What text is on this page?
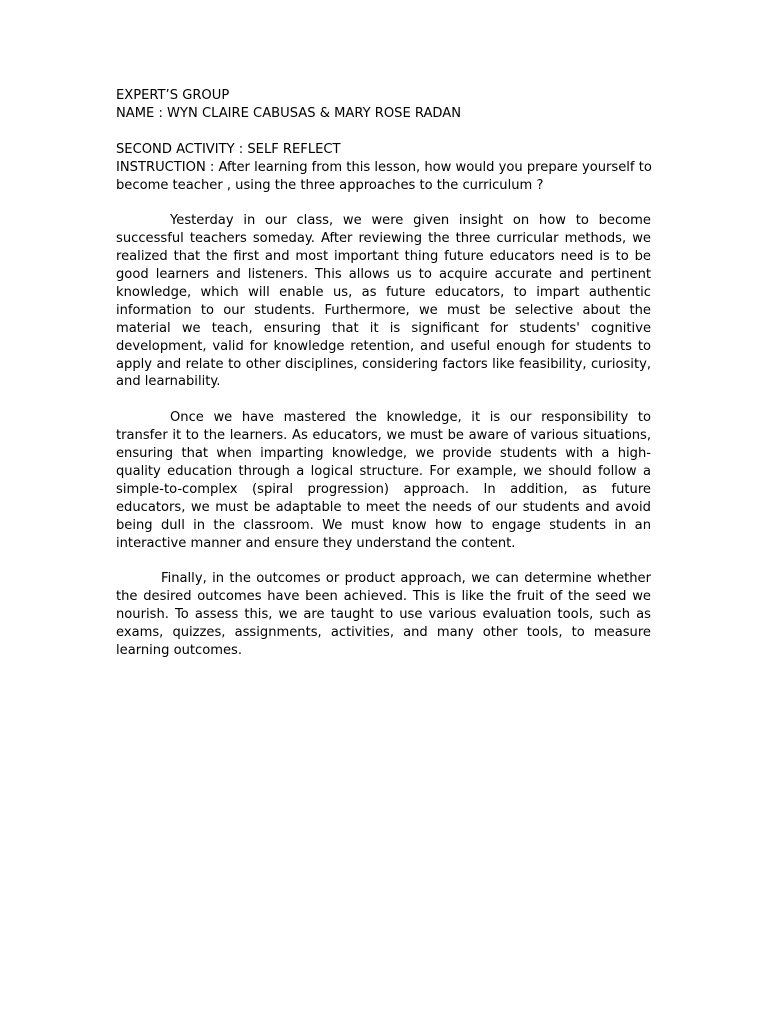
EXPERT’S GROUP

NAME : WYN CLAIRE CABUSAS & MARY ROSE RADAN

SECOND ACTIVITY : SELF REFLECT

INSTRUCTION : After learning from this lesson, how would you prepare yourself to

become teacher , using the three approaches to the curriculum ?

Yesterday in our class, we were given insight on how to become successful teachers someday. After reviewing the three curricular methods, we realized that the first and most important thing future educators need is to be good learners and listeners. This allows us to acquire accurate and pertinent knowledge, which will enable us, as future educators, to impart authentic information to our students. Furthermore, we must be selective about the material we teach, ensuring that it is significant for students' cognitive development, valid for knowledge retention, and useful enough for students to apply and relate to other disciplines, considering factors like feasibility, curiosity, and learnability.

Once we have mastered the knowledge, it is our responsibility to transfer it to the learners. As educators, we must be aware of various situations, ensuring that when imparting knowledge, we provide students with a high-quality education through a logical structure. For example, we should follow a simple-to-complex (spiral progression) approach. In addition, as future educators, we must be adaptable to meet the needs of our students and avoid being dull in the classroom. We must know how to engage students in an interactive manner and ensure they understand the content.

Finally, in the outcomes or product approach, we can determine whether the desired outcomes have been achieved. This is like the fruit of the seed we nourish. To assess this, we are taught to use various evaluation tools, such as exams, quizzes, assignments, activities, and many other tools, to measure learning outcomes.
